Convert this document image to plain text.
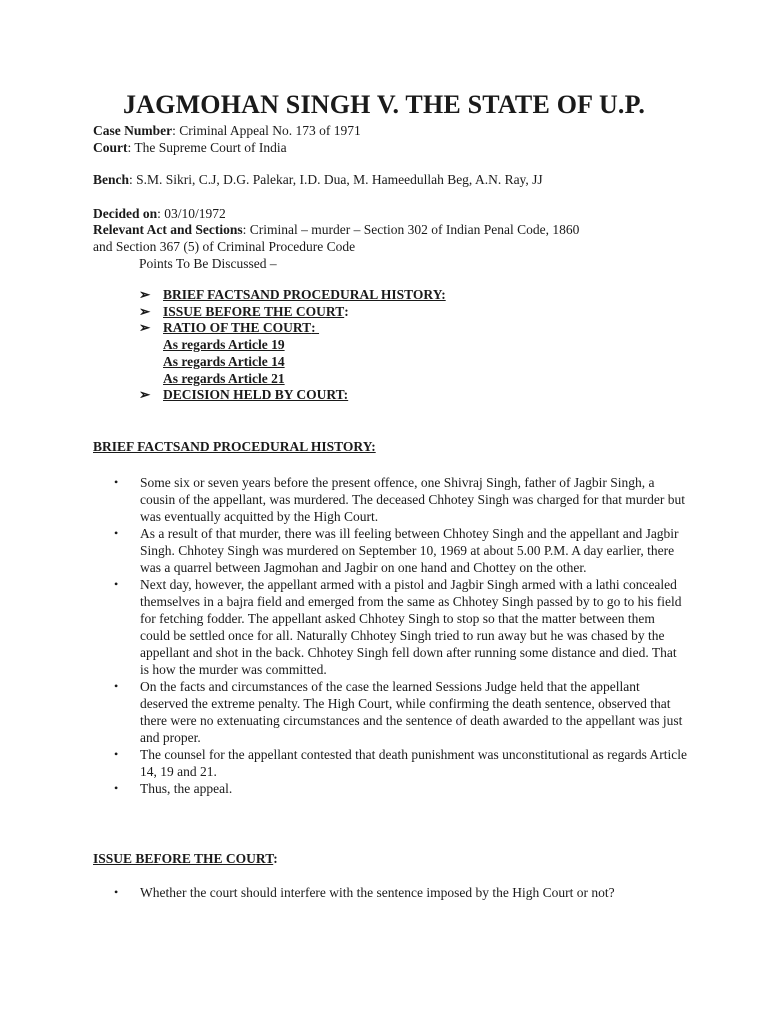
JAGMOHAN SINGH V. THE STATE OF U.P.
Case Number: Criminal Appeal No. 173 of 1971
Court: The Supreme Court of India
Bench: S.M. Sikri, C.J, D.G. Palekar, I.D. Dua, M. Hameedullah Beg, A.N. Ray, JJ
Decided on: 03/10/1972
Relevant Act and Sections: Criminal – murder – Section 302 of Indian Penal Code, 1860
and Section 367 (5) of Criminal Procedure Code
Points To Be Discussed –
➢ BRIEF FACTSAND PROCEDURAL HISTORY:
➢ ISSUE BEFORE THE COURT :
➢ RATIO OF THE COURT :
As regards Article 19
As regards Article 14
As regards Article 21
➢ DECISION HELD BY COURT:
BRIEF FACTSAND PROCEDURAL HISTORY:
•	Some six or seven years before the present offence, one Shivraj Singh, father of Jagbir Singh, a cousin of the appellant, was murdered. The deceased Chhotey Singh was charged for that murder but was eventually acquitted by the High Court.
•	As a result of that murder, there was ill feeling between Chhotey Singh and the appellant and Jagbir Singh. Chhotey Singh was murdered on September 10, 1969 at about 5.00 P.M. A day earlier, there was a quarrel between Jagmohan and Jagbir on one hand and Chottey on the other.
•	Next day, however, the appellant armed with a pistol and Jagbir Singh armed with a lathi concealed themselves in a bajra field and emerged from the same as Chhotey Singh passed by to go to his field for fetching fodder. The appellant asked Chhotey Singh to stop so that the matter between them could be settled once for all. Naturally Chhotey Singh tried to run away but he was chased by the appellant and shot in the back. Chhotey Singh fell down after running some distance and died. That is how the murder was committed.
•	On the facts and circumstances of the case the learned Sessions Judge held that the appellant deserved the extreme penalty. The High Court, while confirming the death sentence, observed that there were no extenuating circumstances and the sentence of death awarded to the appellant was just and proper.
•	The counsel for the appellant contested that death punishment was unconstitutional as regards Article 14, 19 and 21.
•	Thus, the appeal.
ISSUE BEFORE THE COURT:
•	Whether the court should interfere with the sentence imposed by the High Court or not?
